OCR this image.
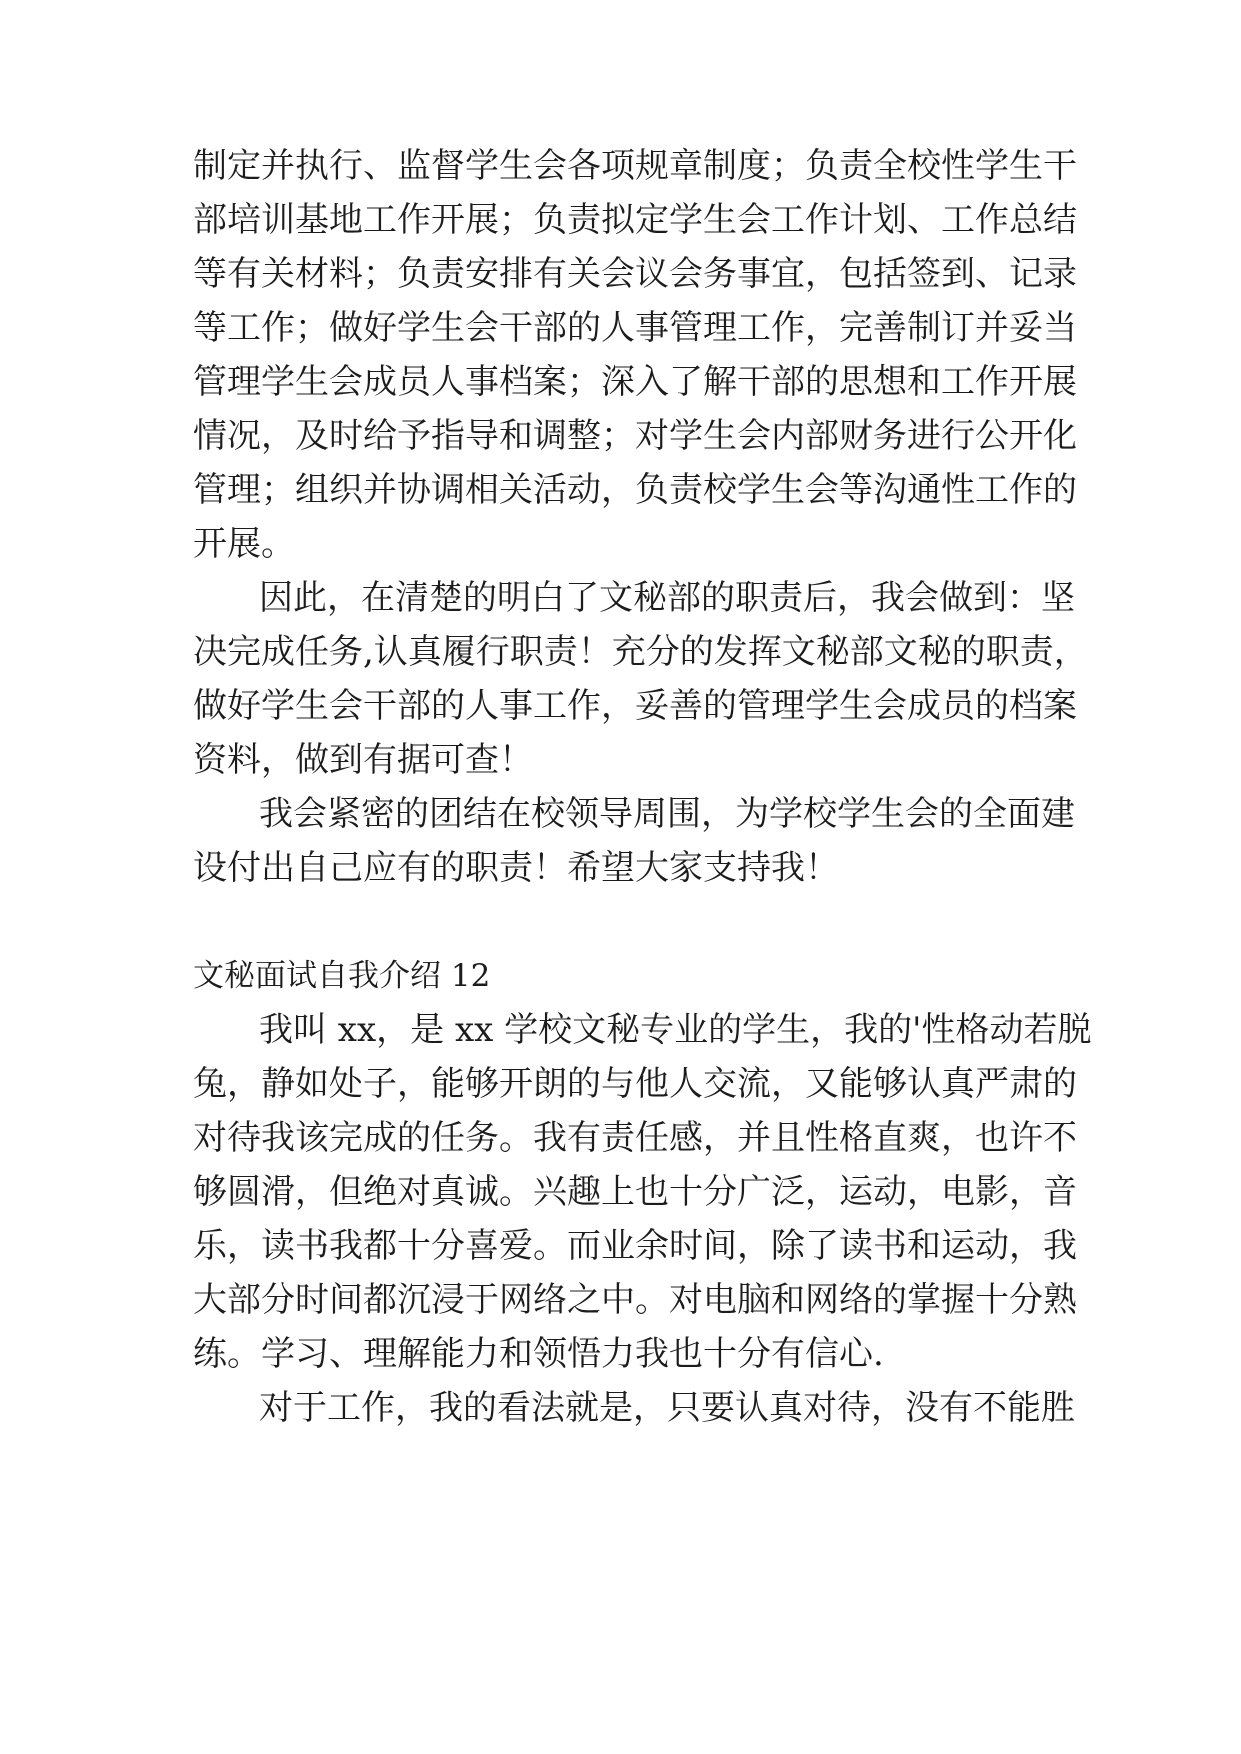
制定并执行、监督学生会各项规章制度；负责全校性学生干
部培训基地工作开展；负责拟定学生会工作计划、工作总结
等有关材料；负责安排有关会议会务事宜，包括签到、记录
等工作；做好学生会干部的人事管理工作，完善制订并妥当
管理学生会成员人事档案；深入了解干部的思想和工作开展
情况，及时给予指导和调整；对学生会内部财务进行公开化
管理；组织并协调相关活动，负责校学生会等沟通性工作的
开展。
因此，在清楚的明白了文秘部的职责后，我会做到：坚
决完成任务,认真履行职责！充分的发挥文秘部文秘的职责，
做好学生会干部的人事工作，妥善的管理学生会成员的档案
资料，做到有据可查！
我会紧密的团结在校领导周围，为学校学生会的全面建
设付出自己应有的职责！希望大家支持我！
文秘面试自我介绍 12
我叫 xx，是 xx 学校文秘专业的学生，我的'性格动若脱
兔，静如处子，能够开朗的与他人交流，又能够认真严肃的
对待我该完成的任务。我有责任感，并且性格直爽，也许不
够圆滑，但绝对真诚。兴趣上也十分广泛，运动，电影，音
乐，读书我都十分喜爱。而业余时间，除了读书和运动，我
大部分时间都沉浸于网络之中。对电脑和网络的掌握十分熟
练。学习、理解能力和领悟力我也十分有信心.
对于工作，我的看法就是，只要认真对待，没有不能胜
